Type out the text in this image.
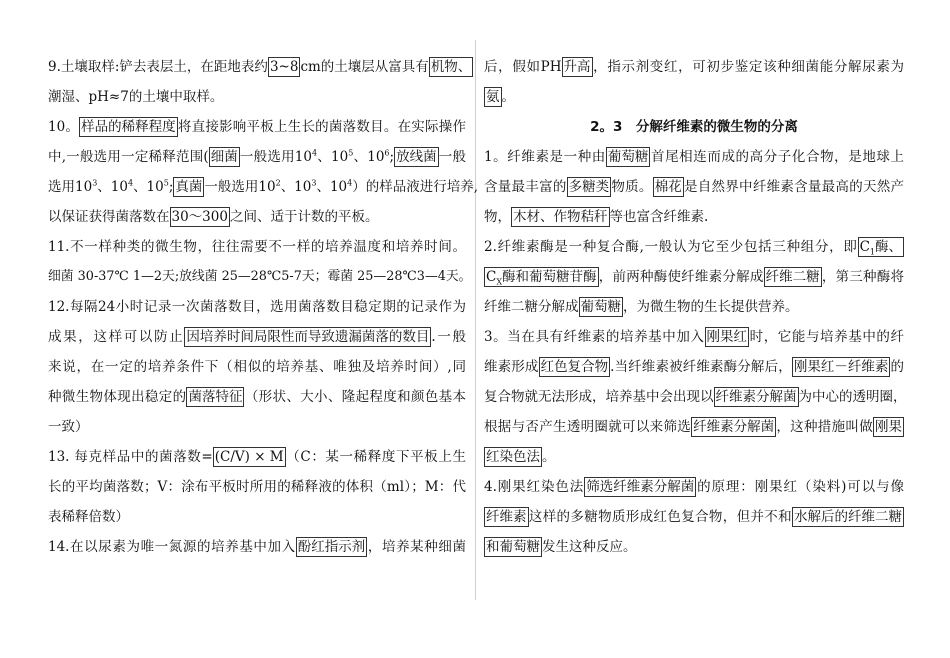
9.土壤取样:铲去表层土，在距地表约 3~8 cm的土壤层从富具有 机物、
潮湿、pH≈7的土壤中取样。
10。 样品的稀释程度 将直接影响平板上生长的菌落数目。在实际操作
中,一般选用一定稀释范围( 细菌 一般选用$10^4$、$10^5$、$10^6$; 放线菌 一般
选用$10^3$、$10^4$、$10^5$; 真菌 一般选用$10^2$、$10^3$、$10^4$）的样品液进行培养,
以保证获得菌落数在 30～300 之间、适于计数的平板。
11.不一样种类的微生物，往往需要不一样的培养温度和培养时间。
细菌 30-37℃ 1—2天;放线菌 25—28℃5-7天；霉菌 25—28℃3—4天。
12.每隔24小时记录一次菌落数目，选用菌落数目稳定期的记录作为
成果，这样可以防止 因培养时间局限性而导致遗漏菌落的数目 .一般
来说，在一定的培养条件下（相似的培养基、唯独及培养时间）,同
种微生物体现出稳定的 菌落特征 （形状、大小、隆起程度和颜色基本
一致）
13. 每克样品中的菌落数= (C/V) × M（C：某一稀释度下平板上生
长的平均菌落数；V：涂布平板时所用的稀释液的体积（ml）；M：代
表稀释倍数）
14.在以尿素为唯一氮源的培养基中加入 酚红指示剂 ，培养某种细菌
后，假如PH 升高 ，指示剂变红，可初步鉴定该种细菌能分解尿素为
氨 。
2。3　分解纤维素的微生物的分离
1。纤维素是一种由 葡萄糖 首尾相连而成的高分子化合物，是地球上
含量最丰富的 多糖类 物质。 棉花 是自然界中纤维素含量最高的天然产
物， 木材、作物秸秆 等也富含纤维素.
2.纤维素酶是一种复合酶,一般认为它至少包括三种组分，即 $C_1$酶、
$C_X$酶和葡萄糖苷酶 ，前两种酶使纤维素分解成 纤维二糖 ，第三种酶将
纤维二糖分解成 葡萄糖 ，为微生物的生长提供营养。
3。当在具有纤维素的培养基中加入 刚果红 时，它能与培养基中的纤
维素形成 红色复合物 .当纤维素被纤维素酶分解后， 刚果红－纤维素 的
复合物就无法形成，培养基中会出现以 纤维素分解菌 为中心的透明圈，
根据与否产生透明圈就可以来筛选 纤维素分解菌 ，这种措施叫做 刚果
红染色法 。
4.刚果红染色法 筛选纤维素分解菌 的原理：刚果红（染料)可以与像
纤维素 这样的多糖物质形成红色复合物，但并不和 水解后的纤维二糖
和葡萄糖 发生这种反应。
